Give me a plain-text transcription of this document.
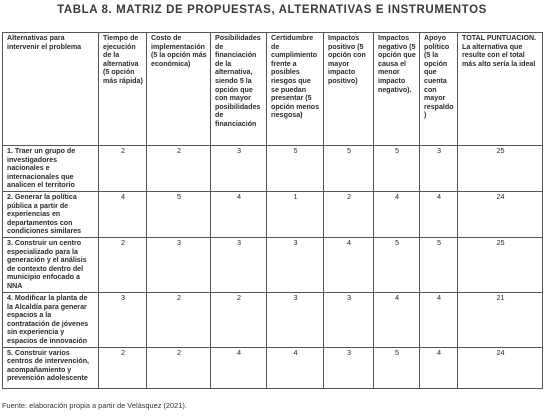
TABLA 8. MATRIZ DE PROPUESTAS, ALTERNATIVAS E INSTRUMENTOS
Alternativas para intervenir el problema	Tiempo de ejecución de la alternativa (5 opción más rápida)	Costo de implementación (5 la opción más económica)	Posibilidades de financiación de la alternativa, siendo 5 la opción que con mayor posibilidades de financiación	Certidumbre de cumplimiento frente a posibles riesgos que se puedan presentar (5 opción menos riesgosa)	Impactos positivo (5 opción con mayor impacto positivo)	Impactos negativo (5 opción que causa el menor impacto negativo).	Apoyo político (5 la opción que cuenta con mayor respaldo)	TOTAL PUNTUACION. La alternativa que resulte con el total más alto sería la ideal
1. Traer un grupo de investigadores nacionales e internacionales que analicen el territorio	2	2	3	5	5	5	3	25
2. Generar la política pública a partir de experiencias en departamentos con condiciones similares	4	5	4	1	2	4	4	24
3. Construir un centro especializado para la generación y el análisis de contexto dentro del municipio enfocado a NNA	2	3	3	3	4	5	5	25
4. Modificar la planta de la Alcaldía para generar espacios a la contratación de jóvenes sin experiencia y espacios de innovación	3	2	2	3	3	4	4	21
5. Construir varios centros de intervención, acompañamiento y prevención adolescente	2	2	4	4	3	5	4	24
Fuente: elaboración propia a partir de Velásquez (2021).
